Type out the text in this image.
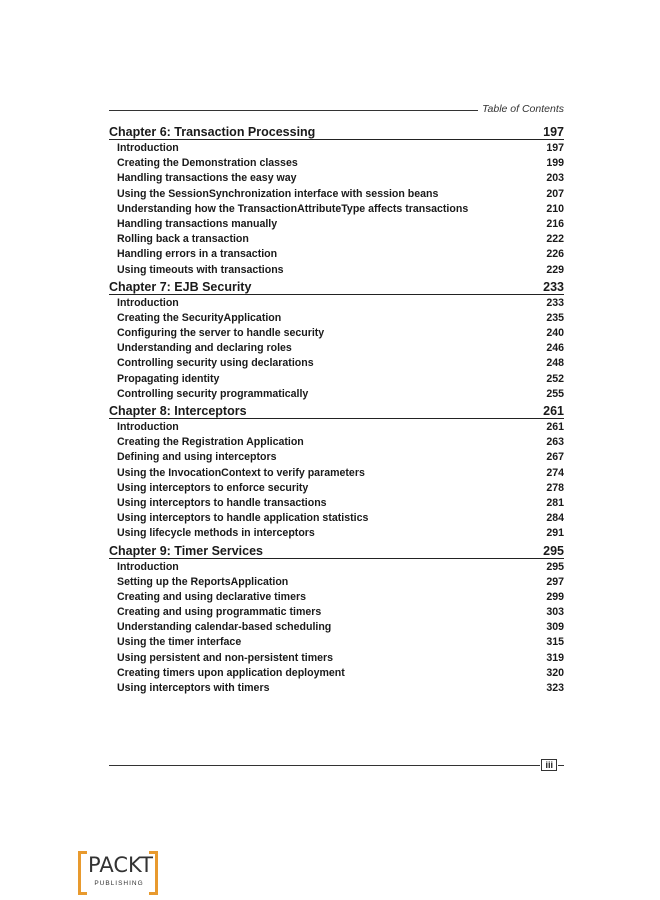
Table of Contents
Chapter 6: Transaction Processing	197
Introduction	197
Creating the Demonstration classes	199
Handling transactions the easy way	203
Using the SessionSynchronization interface with session beans	207
Understanding how the TransactionAttributeType affects transactions	210
Handling transactions manually	216
Rolling back a transaction	222
Handling errors in a transaction	226
Using timeouts with transactions	229
Chapter 7: EJB Security	233
Introduction	233
Creating the SecurityApplication	235
Configuring the server to handle security	240
Understanding and declaring roles	246
Controlling security using declarations	248
Propagating identity	252
Controlling security programmatically	255
Chapter 8: Interceptors	261
Introduction	261
Creating the Registration Application	263
Defining and using interceptors	267
Using the InvocationContext to verify parameters	274
Using interceptors to enforce security	278
Using interceptors to handle transactions	281
Using interceptors to handle application statistics	284
Using lifecycle methods in interceptors	291
Chapter 9: Timer Services	295
Introduction	295
Setting up the ReportsApplication	297
Creating and using declarative timers	299
Creating and using programmatic timers	303
Understanding calendar-based scheduling	309
Using the timer interface	315
Using persistent and non-persistent timers	319
Creating timers upon application deployment	320
Using interceptors with timers	323
iii
PACKT
PUBLISHING
